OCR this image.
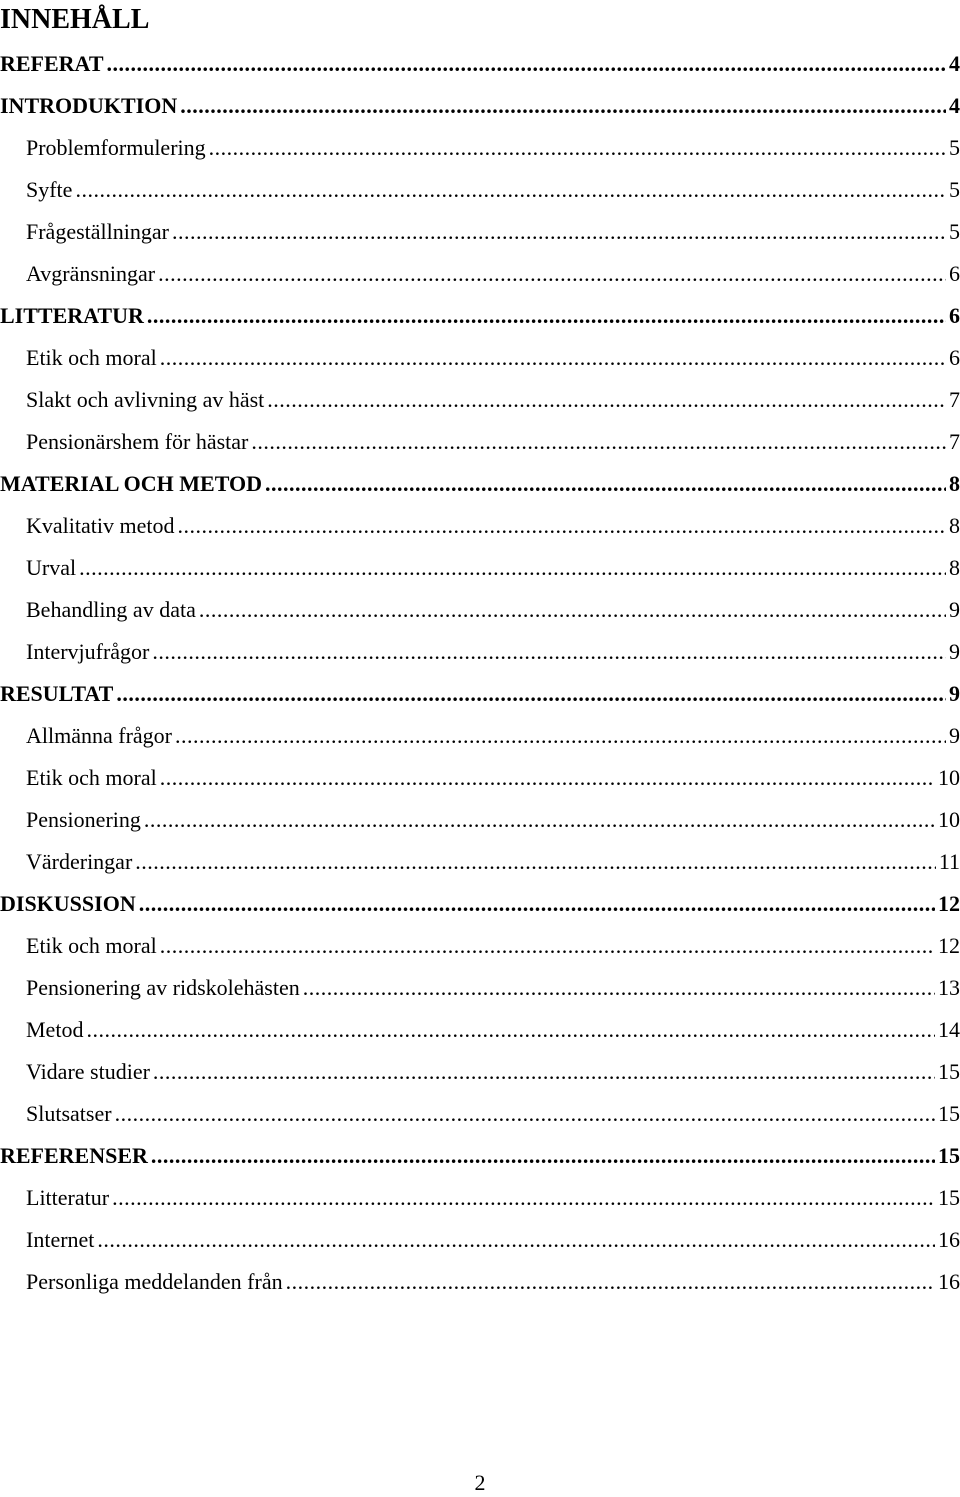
INNEHÅLL
REFERAT .....	4
INTRODUKTION .....	4
Problemformulering .....	5
Syfte .....	5
Frågeställningar .....	5
Avgränsningar .....	6
LITTERATUR .....	6
Etik och moral .....	6
Slakt och avlivning av häst .....	7
Pensionärshem för hästar .....	7
MATERIAL OCH METOD .....	8
Kvalitativ metod .....	8
Urval .....	8
Behandling av data .....	9
Intervjufrågor .....	9
RESULTAT .....	9
Allmänna frågor .....	9
Etik och moral .....	10
Pensionering .....	10
Värderingar .....	11
DISKUSSION .....	12
Etik och moral .....	12
Pensionering av ridskolehästen .....	13
Metod .....	14
Vidare studier .....	15
Slutsatser .....	15
REFERENSER .....	15
Litteratur .....	15
Internet .....	16
Personliga meddelanden från .....	16
2
